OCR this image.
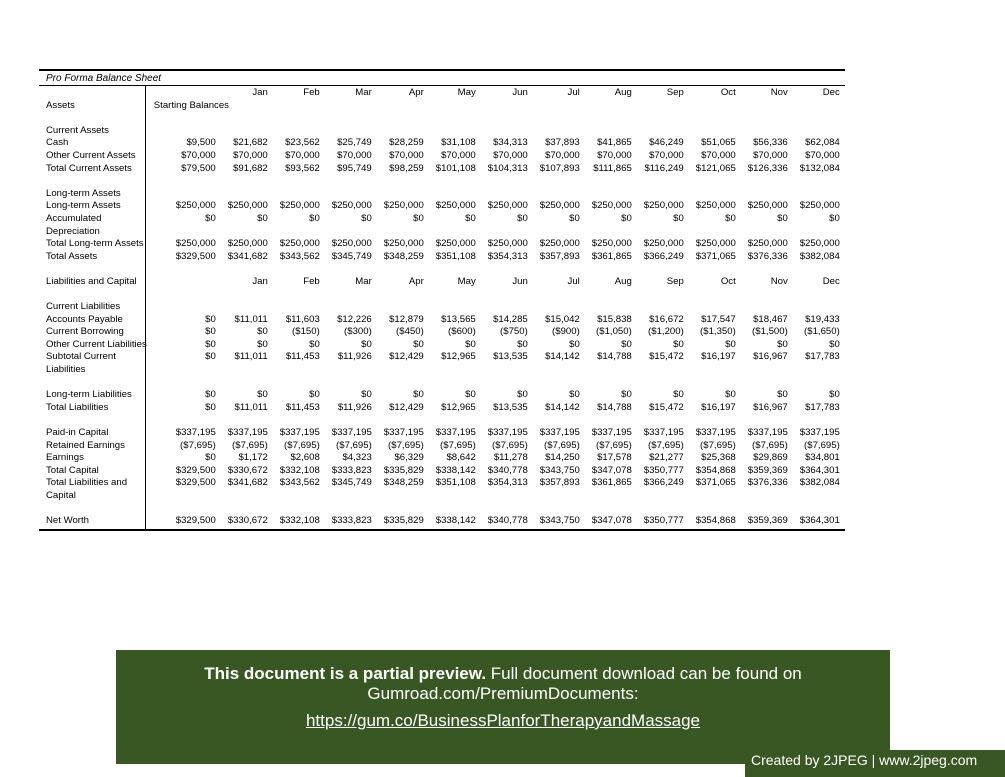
Pro Forma Balance Sheet
		Jan	Feb	Mar	Apr	May	Jun	Jul	Aug	Sep	Oct	Nov	Dec
Assets	Starting Balances												

Current Assets													
Cash	$9,500	$21,682	$23,562	$25,749	$28,259	$31,108	$34,313	$37,893	$41,865	$46,249	$51,065	$56,336	$62,084
Other Current Assets	$70,000	$70,000	$70,000	$70,000	$70,000	$70,000	$70,000	$70,000	$70,000	$70,000	$70,000	$70,000	$70,000
Total Current Assets	$79,500	$91,682	$93,562	$95,749	$98,259	$101,108	$104,313	$107,893	$111,865	$116,249	$121,065	$126,336	$132,084

Long-term Assets													
Long-term Assets	$250,000	$250,000	$250,000	$250,000	$250,000	$250,000	$250,000	$250,000	$250,000	$250,000	$250,000	$250,000	$250,000
Accumulated	$0	$0	$0	$0	$0	$0	$0	$0	$0	$0	$0	$0	$0
Depreciation													
Total Long-term Assets	$250,000	$250,000	$250,000	$250,000	$250,000	$250,000	$250,000	$250,000	$250,000	$250,000	$250,000	$250,000	$250,000
Total Assets	$329,500	$341,682	$343,562	$345,749	$348,259	$351,108	$354,313	$357,893	$361,865	$366,249	$371,065	$376,336	$382,084

Liabilities and Capital		Jan	Feb	Mar	Apr	May	Jun	Jul	Aug	Sep	Oct	Nov	Dec

Current Liabilities													
Accounts Payable	$0	$11,011	$11,603	$12,226	$12,879	$13,565	$14,285	$15,042	$15,838	$16,672	$17,547	$18,467	$19,433
Current Borrowing	$0	$0	($150)	($300)	($450)	($600)	($750)	($900)	($1,050)	($1,200)	($1,350)	($1,500)	($1,650)
Other Current Liabilities	$0	$0	$0	$0	$0	$0	$0	$0	$0	$0	$0	$0	$0
Subtotal Current	$0	$11,011	$11,453	$11,926	$12,429	$12,965	$13,535	$14,142	$14,788	$15,472	$16,197	$16,967	$17,783
Liabilities													

Long-term Liabilities	$0	$0	$0	$0	$0	$0	$0	$0	$0	$0	$0	$0	$0
Total Liabilities	$0	$11,011	$11,453	$11,926	$12,429	$12,965	$13,535	$14,142	$14,788	$15,472	$16,197	$16,967	$17,783

Paid-in Capital	$337,195	$337,195	$337,195	$337,195	$337,195	$337,195	$337,195	$337,195	$337,195	$337,195	$337,195	$337,195	$337,195
Retained Earnings	($7,695)	($7,695)	($7,695)	($7,695)	($7,695)	($7,695)	($7,695)	($7,695)	($7,695)	($7,695)	($7,695)	($7,695)	($7,695)
Earnings	$0	$1,172	$2,608	$4,323	$6,329	$8,642	$11,278	$14,250	$17,578	$21,277	$25,368	$29,869	$34,801
Total Capital	$329,500	$330,672	$332,108	$333,823	$335,829	$338,142	$340,778	$343,750	$347,078	$350,777	$354,868	$359,369	$364,301
Total Liabilities and	$329,500	$341,682	$343,562	$345,749	$348,259	$351,108	$354,313	$357,893	$361,865	$366,249	$371,065	$376,336	$382,084
Capital													

Net Worth	$329,500	$330,672	$332,108	$333,823	$335,829	$338,142	$340,778	$343,750	$347,078	$350,777	$354,868	$359,369	$364,301
This document is a partial preview. Full document download can be found on
Gumroad.com/PremiumDocuments:
https://gum.co/BusinessPlanforTherapyandMassage
Created by 2JPEG | www.2jpeg.com
